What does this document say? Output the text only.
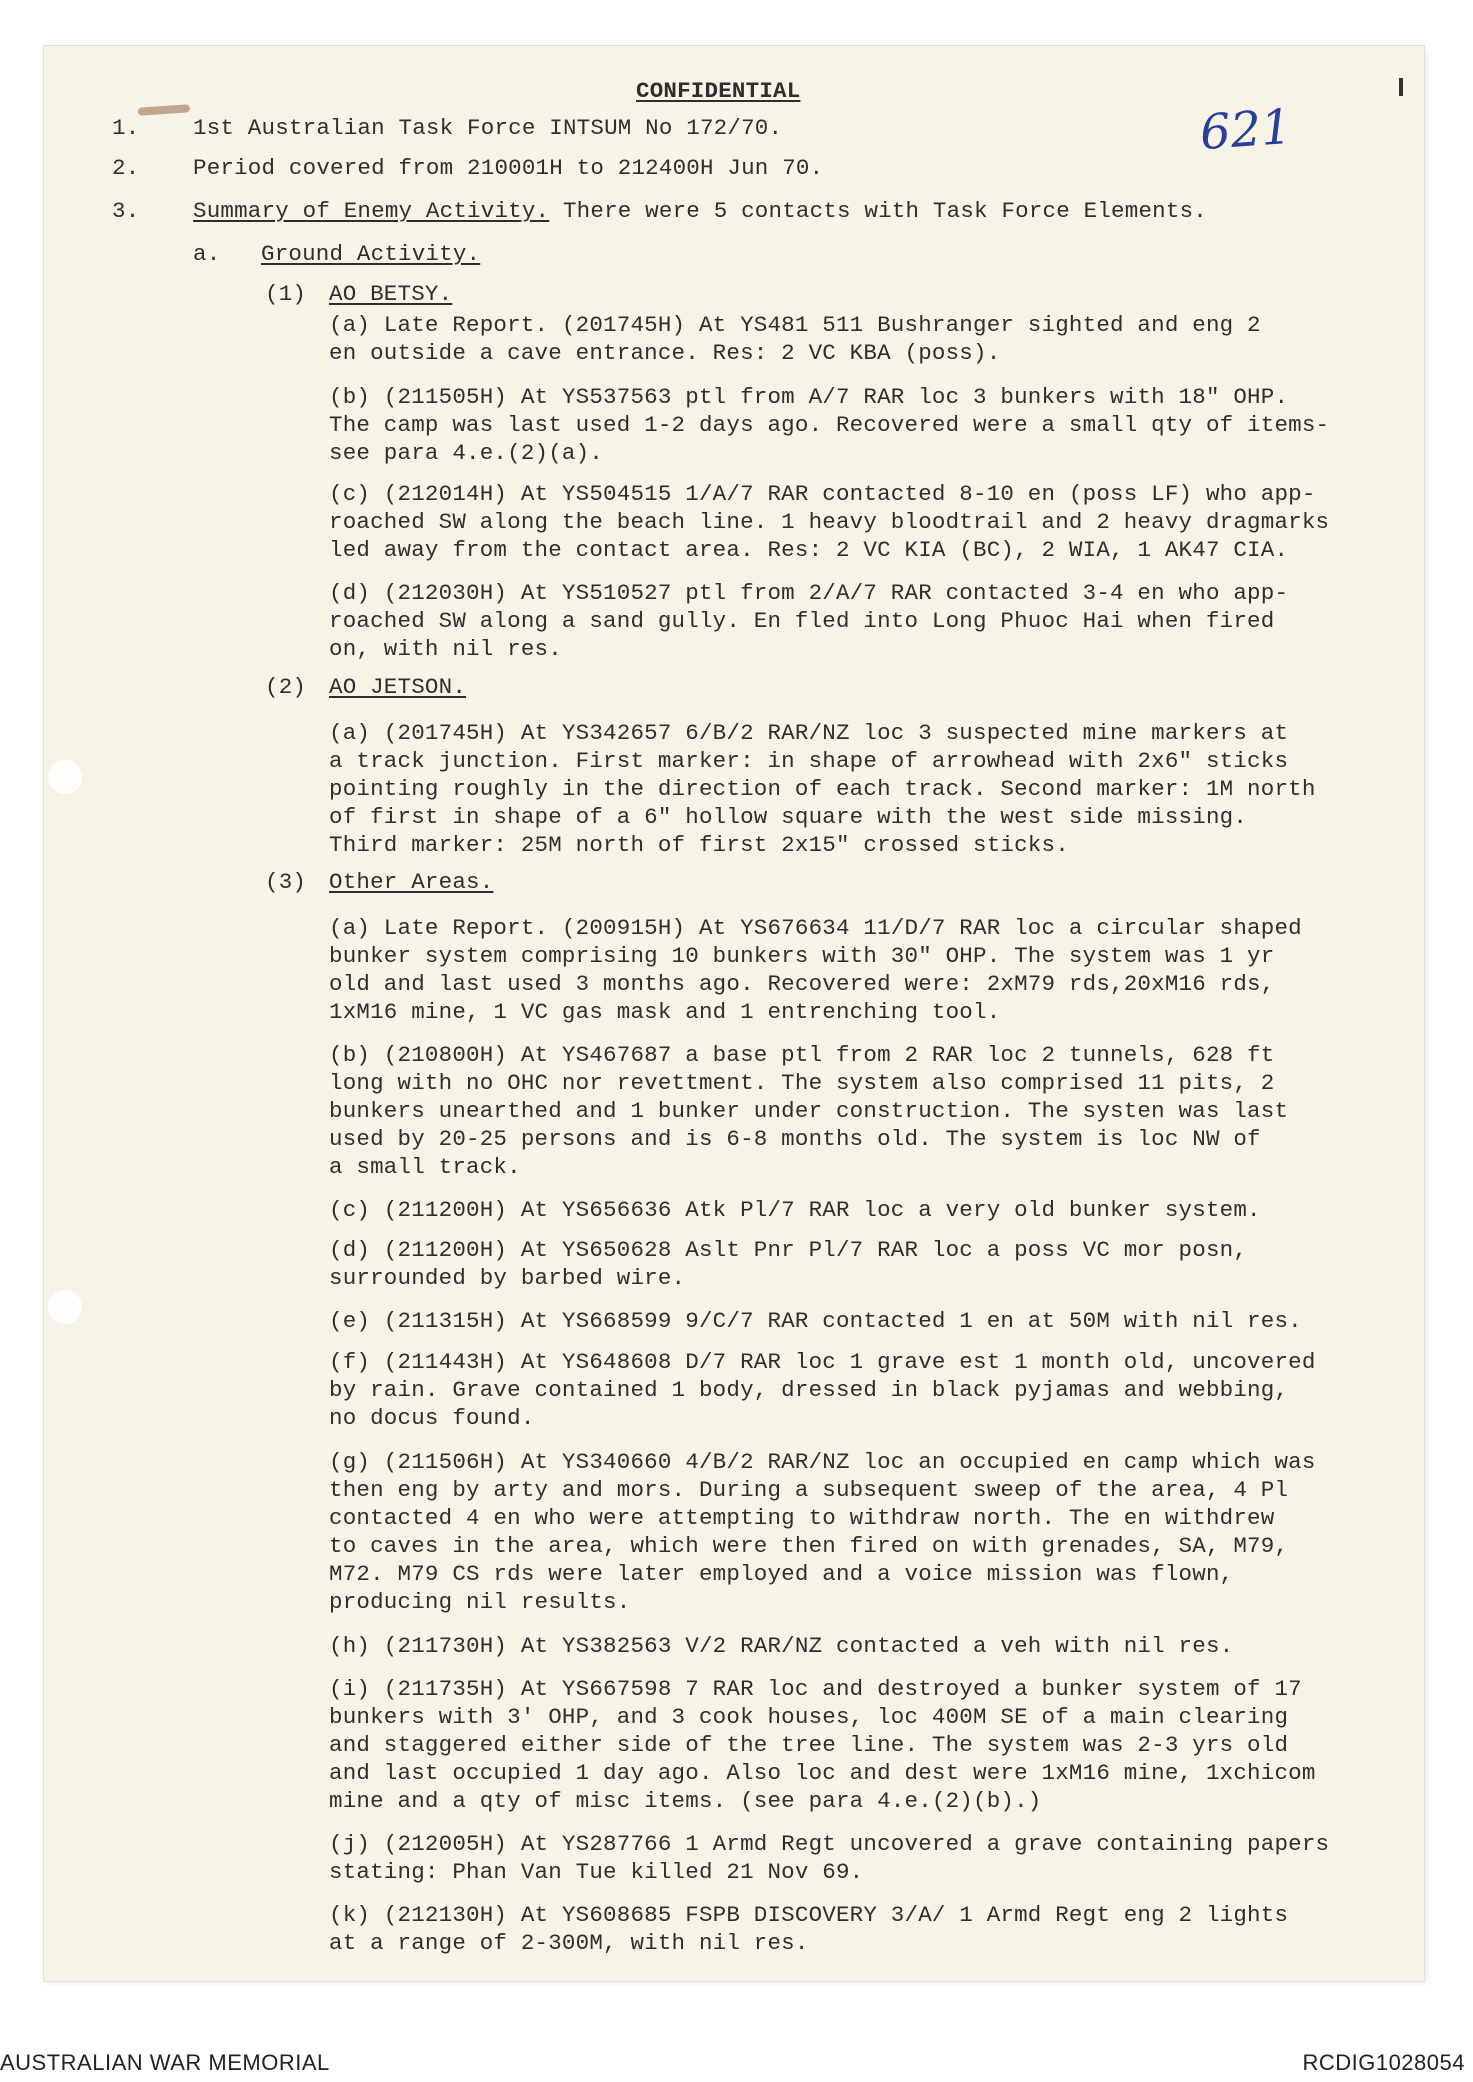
CONFIDENTIAL
621
1. 1st Australian Task Force INTSUM No 172/70.
2. Period covered from 210001H to 212400H Jun 70.
3. Summary of Enemy Activity. There were 5 contacts with Task Force Elements.
a. Ground Activity.
(1) AO BETSY.
(a) Late Report. (201745H) At YS481 511 Bushranger sighted and eng 2
en outside a cave entrance. Res: 2 VC KBA (poss).
(b) (211505H) At YS537563 ptl from A/7 RAR loc 3 bunkers with 18" OHP.
The camp was last used 1-2 days ago. Recovered were a small qty of items-
see para 4.e.(2)(a).
(c) (212014H) At YS504515 1/A/7 RAR contacted 8-10 en (poss LF) who app-
roached SW along the beach line. 1 heavy bloodtrail and 2 heavy dragmarks
led away from the contact area. Res: 2 VC KIA (BC), 2 WIA, 1 AK47 CIA.
(d) (212030H) At YS510527 ptl from 2/A/7 RAR contacted 3-4 en who app-
roached SW along a sand gully. En fled into Long Phuoc Hai when fired
on, with nil res.
(2) AO JETSON.
(a) (201745H) At YS342657 6/B/2 RAR/NZ loc 3 suspected mine markers at
a track junction. First marker: in shape of arrowhead with 2x6" sticks
pointing roughly in the direction of each track. Second marker: 1M north
of first in shape of a 6" hollow square with the west side missing.
Third marker: 25M north of first 2x15" crossed sticks.
(3) Other Areas.
(a) Late Report. (200915H) At YS676634 11/D/7 RAR loc a circular shaped
bunker system comprising 10 bunkers with 30" OHP. The system was 1 yr
old and last used 3 months ago. Recovered were: 2xM79 rds,20xM16 rds,
1xM16 mine, 1 VC gas mask and 1 entrenching tool.
(b) (210800H) At YS467687 a base ptl from 2 RAR loc 2 tunnels, 628 ft
long with no OHC nor revettment. The system also comprised 11 pits, 2
bunkers unearthed and 1 bunker under construction. The systen was last
used by 20-25 persons and is 6-8 months old. The system is loc NW of
a small track.
(c) (211200H) At YS656636 Atk Pl/7 RAR loc a very old bunker system.
(d) (211200H) At YS650628 Aslt Pnr Pl/7 RAR loc a poss VC mor posn,
surrounded by barbed wire.
(e) (211315H) At YS668599 9/C/7 RAR contacted 1 en at 50M with nil res.
(f) (211443H) At YS648608 D/7 RAR loc 1 grave est 1 month old, uncovered
by rain. Grave contained 1 body, dressed in black pyjamas and webbing,
no docus found.
(g) (211506H) At YS340660 4/B/2 RAR/NZ loc an occupied en camp which was
then eng by arty and mors. During a subsequent sweep of the area, 4 Pl
contacted 4 en who were attempting to withdraw north. The en withdrew
to caves in the area, which were then fired on with grenades, SA, M79,
M72. M79 CS rds were later employed and a voice mission was flown,
producing nil results.
(h) (211730H) At YS382563 V/2 RAR/NZ contacted a veh with nil res.
(i) (211735H) At YS667598 7 RAR loc and destroyed a bunker system of 17
bunkers with 3' OHP, and 3 cook houses, loc 400M SE of a main clearing
and staggered either side of the tree line. The system was 2-3 yrs old
and last occupied 1 day ago. Also loc and dest were 1xM16 mine, 1xchicom
mine and a qty of misc items. (see para 4.e.(2)(b).)
(j) (212005H) At YS287766 1 Armd Regt uncovered a grave containing papers
stating: Phan Van Tue killed 21 Nov 69.
(k) (212130H) At YS608685 FSPB DISCOVERY 3/A/ 1 Armd Regt eng 2 lights
at a range of 2-300M, with nil res.
AUSTRALIAN WAR MEMORIAL	RCDIG1028054
